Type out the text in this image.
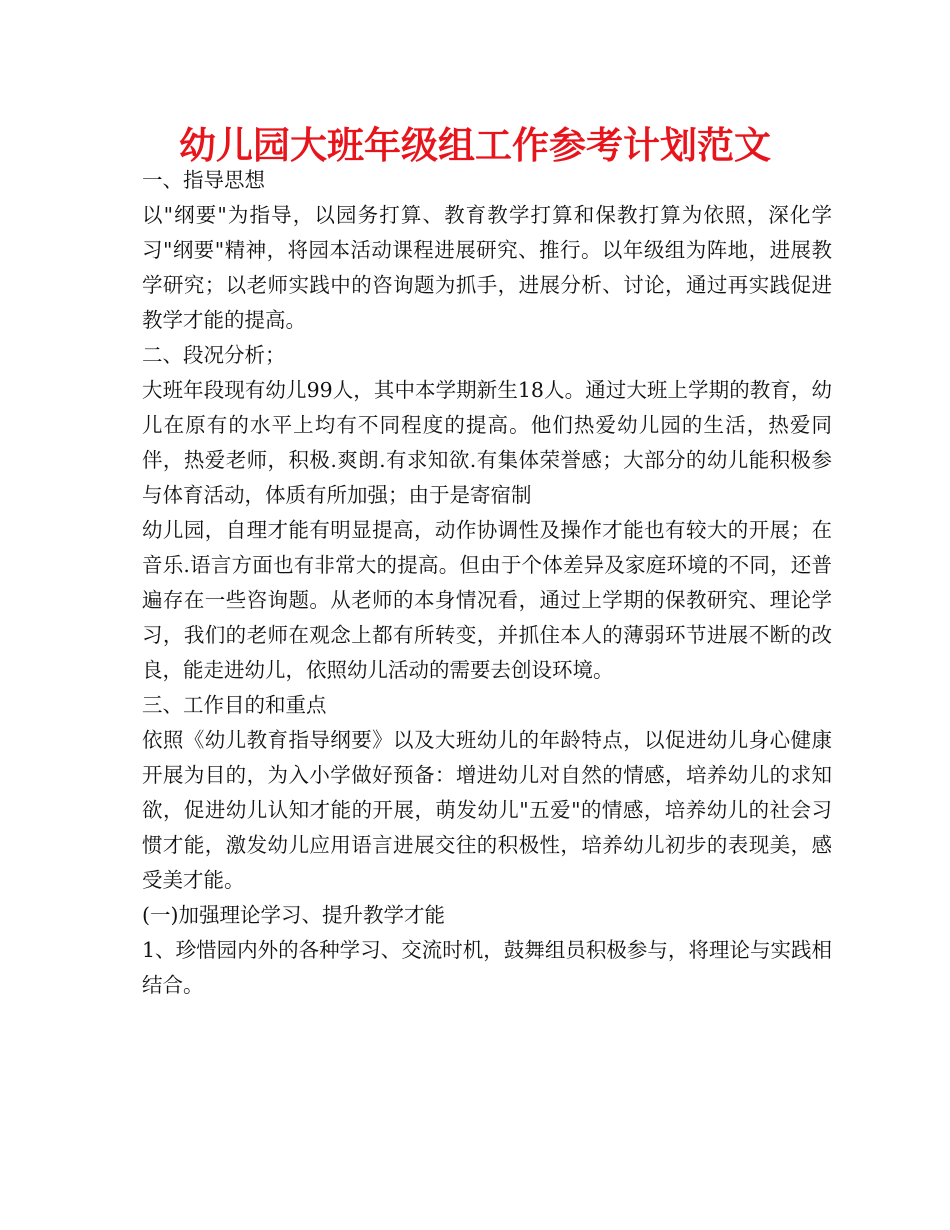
幼儿园大班年级组工作参考计划范文

一、指导思想

以"纲要"为指导，以园务打算、教育教学打算和保教打算为依照，深化学习"纲要"精神，将园本活动课程进展研究、推行。以年级组为阵地，进展教学研究；以老师实践中的咨询题为抓手，进展分析、讨论，通过再实践促进教学才能的提高。

二、段况分析；

大班年段现有幼儿99人，其中本学期新生18人。通过大班上学期的教育，幼儿在原有的水平上均有不同程度的提高。他们热爱幼儿园的生活，热爱同伴，热爱老师，积极.爽朗.有求知欲.有集体荣誉感；大部分的幼儿能积极参与体育活动，体质有所加强；由于是寄宿制

幼儿园，自理才能有明显提高，动作协调性及操作才能也有较大的开展；在音乐.语言方面也有非常大的提高。但由于个体差异及家庭环境的不同，还普遍存在一些咨询题。从老师的本身情况看，通过上学期的保教研究、理论学习，我们的老师在观念上都有所转变，并抓住本人的薄弱环节进展不断的改良，能走进幼儿，依照幼儿活动的需要去创设环境。

三、工作目的和重点

依照《幼儿教育指导纲要》以及大班幼儿的年龄特点，以促进幼儿身心健康开展为目的，为入小学做好预备：增进幼儿对自然的情感，培养幼儿的求知欲，促进幼儿认知才能的开展，萌发幼儿"五爱"的情感，培养幼儿的社会习惯才能，激发幼儿应用语言进展交往的积极性，培养幼儿初步的表现美，感受美才能。

(一)加强理论学习、提升教学才能

1、珍惜园内外的各种学习、交流时机，鼓舞组员积极参与，将理论与实践相结合。
